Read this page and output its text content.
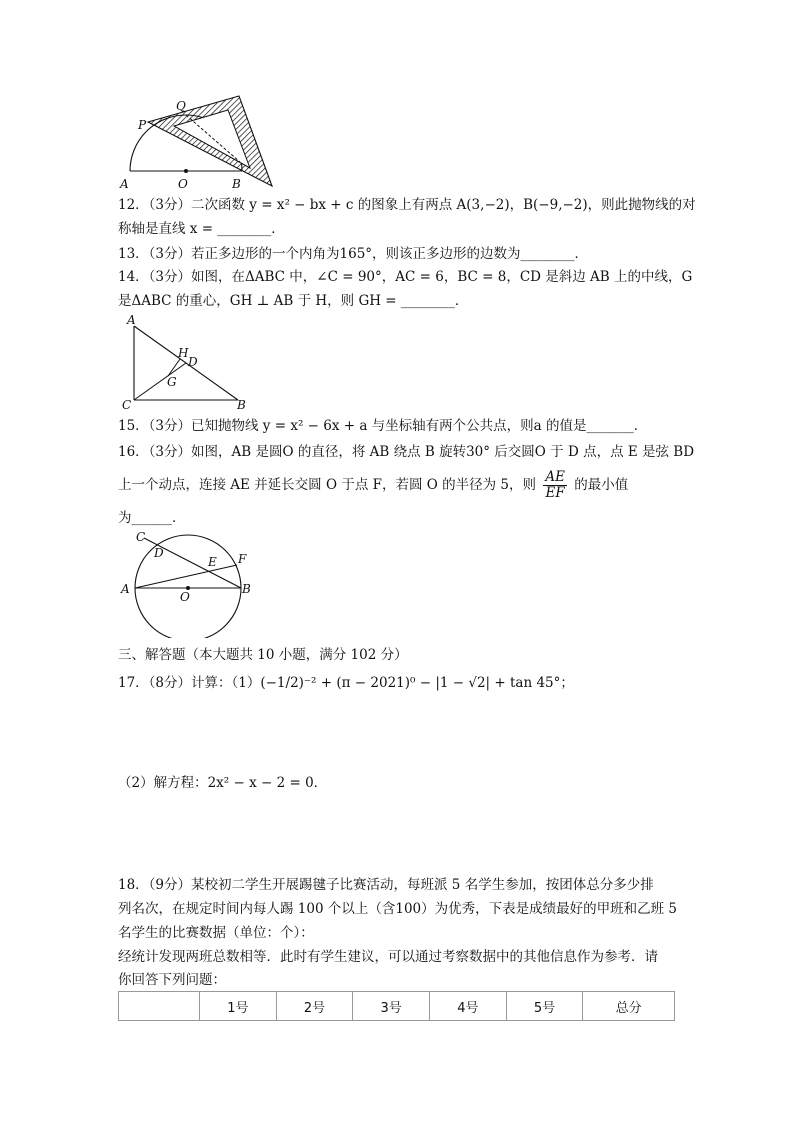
A	O	B
P
Q
12．（3分）二次函数 y = x² − bx + c 的图象上有两点 A(3,−2)，B(−9,−2)，则此抛物线的对
称轴是直线 x = ________．
13．（3分）若正多边形的一个内角为165°，则该正多边形的边数为________．
14．（3分）如图，在ΔABC 中，∠C = 90°，AC = 6，BC = 8，CD 是斜边 AB 上的中线，G
是ΔABC 的重心，GH ⊥ AB 于 H，则 GH = ________．
A
H
D
G
C	B
15．（3分）已知抛物线 y = x² − 6x + a 与坐标轴有两个公共点，则a 的值是_______．
16．（3分）如图，AB 是圆O 的直径，将 AB 绕点 B 旋转30° 后交圆O 于 D 点，点 E 是弦 BD
上一个动点，连接 AE 并延长交圆 O 于点 F，若圆 O 的半径为 5，则 $\frac{AE}{EF}$ 的最小值
为______．
C
D
E F
A
O
B
三、解答题（本大题共 10 小题，满分 102 分）
17．（8分）计算：（1）(−1/2)⁻² + (π − 2021)⁰ − |1 − √2| + tan 45°；
（2）解方程：2x² − x − 2 = 0．
18．（9分）某校初二学生开展踢毽子比赛活动，每班派 5 名学生参加，按团体总分多少排
列名次，在规定时间内每人踢 100 个以上（含100）为优秀，下表是成绩最好的甲班和乙班 5
名学生的比赛数据（单位：个）：
经统计发现两班总数相等．此时有学生建议，可以通过考察数据中的其他信息作为参考．请
你回答下列问题：
	1号	2号	3号	4号	5号	总分
